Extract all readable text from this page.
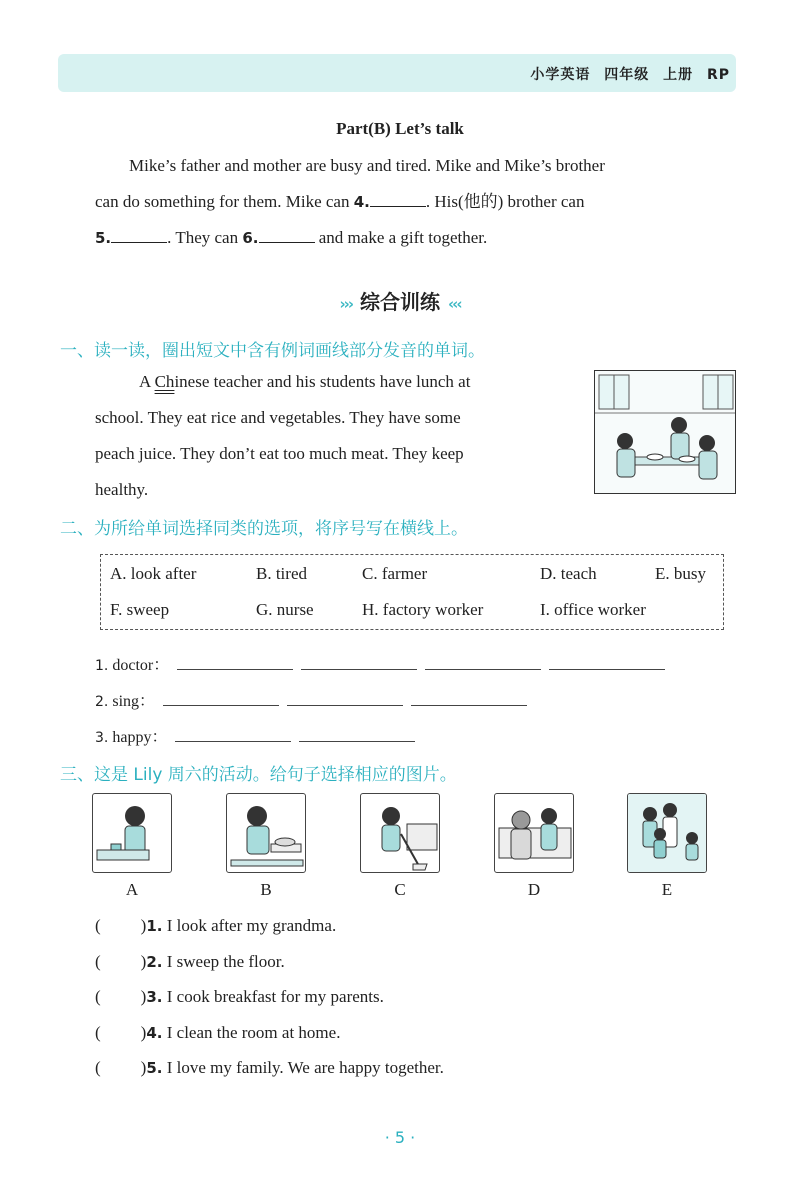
小学英语 四年级 上册 RP
Part(B) Let’s talk
Mike’s father and mother are busy and tired. Mike and Mike’s brother
can do something for them. Mike can 4.	. His(他的) brother can
5.	. They can 6.	and make a gift together.
››› 综合训练 ‹‹‹
一、读一读，圈出短文中含有例词画线部分发音的单词。
A Chinese teacher and his students have lunch at
school. They eat rice and vegetables. They have some
peach juice. They don’t eat too much meat. They keep
healthy.
二、为所给单词选择同类的选项，将序号写在横线上。
A. look after	B. tired	C. farmer	D. teach	E. busy
F. sweep	G. nurse	H. factory worker	I. office worker
1. doctor：
2. sing：
3. happy：
三、这是 Lily 周六的活动。给句子选择相应的图片。
A	B	C	D	E
( )1. I look after my grandma.
( )2. I sweep the floor.
( )3. I cook breakfast for my parents.
( )4. I clean the room at home.
( )5. I love my family. We are happy together.
· 5 ·
